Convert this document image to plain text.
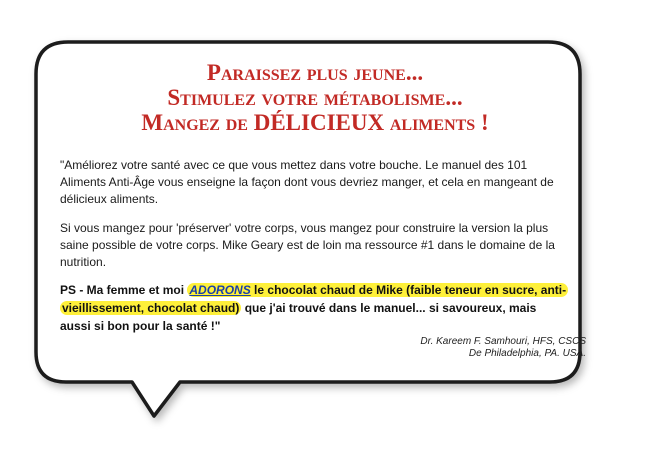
Paraissez plus jeune...
Stimulez votre métabolisme...
Mangez de DÉLICIEUX aliments !

"Améliorez votre santé avec ce que vous mettez dans votre bouche. Le manuel des 101 Aliments Anti-Âge vous enseigne la façon dont vous devriez manger, et cela en mangeant de délicieux aliments.

Si vous mangez pour 'préserver' votre corps, vous mangez pour construire la version la plus saine possible de votre corps. Mike Geary est de loin ma ressource #1 dans le domaine de la nutrition.

PS - Ma femme et moi ADORONS le chocolat chaud de Mike (faible teneur en sucre, anti-vieillissement, chocolat chaud) que j'ai trouvé dans le manuel... si savoureux, mais aussi si bon pour la santé !"

Dr. Kareem F. Samhouri, HFS, CSCS
De Philadelphia, PA. USA.
